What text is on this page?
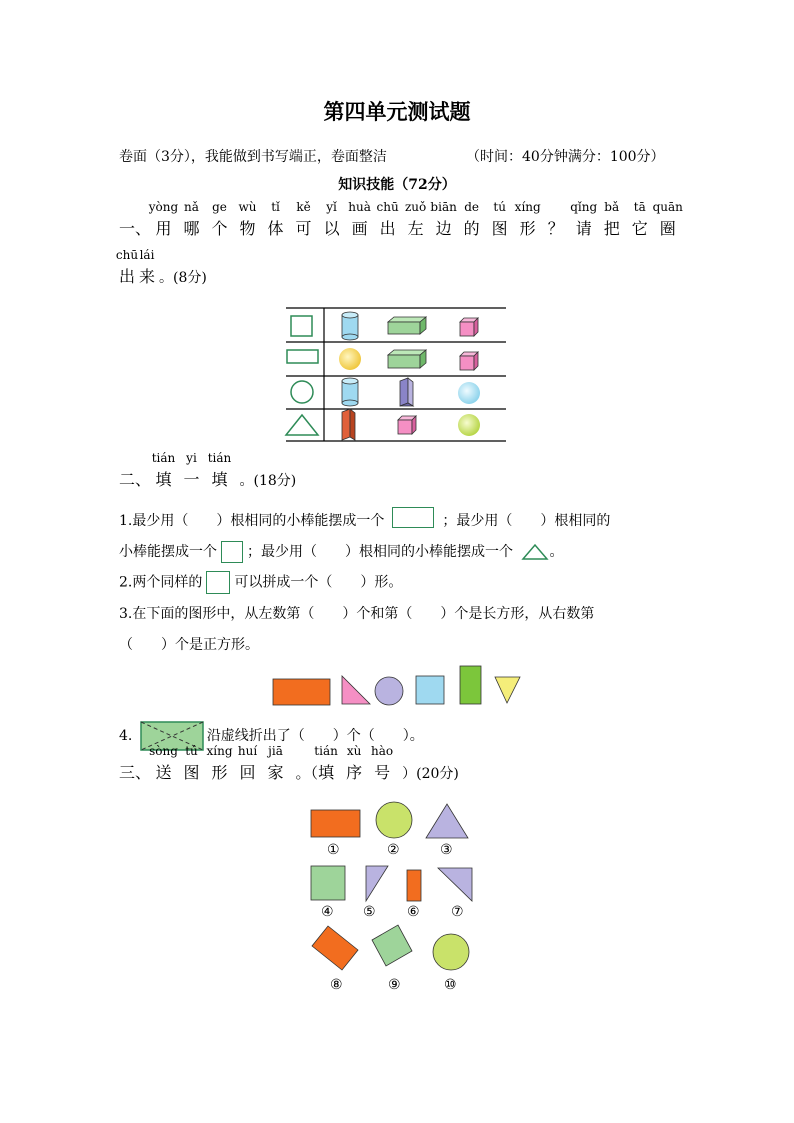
第四单元测试题
卷面（3分），我能做到书写端正，卷面整洁	（时间：40分钟满分：100分）
知识技能（72分）
一、
yòng
用
nǎ
哪
ge
个
wù
物
tǐ
体
kě
可
yǐ
以
huà
画
chū
出
zuǒ
左
biān
边
de
的
tú
图
xíng
形 ？
qǐng
请
bǎ
把
tā
它
quān
圈
chū
出
lái
来 。(8分)
二、
tián
填
yi
一
tián
填 。(18分)
1.最少用（　　）根相同的小棒能摆成一个	；最少用（　　）根相同的
小棒能摆成一个 ；最少用（　　）根相同的小棒能摆成一个	。
2.两个同样的 可以拼成一个（　　）形。
3.在下面的图形中，从左数第（　　）个和第（　　）个是长方形，从右数第
（　　）个是正方形。
4.	沿虚线折出了（　　）个（　　）。
三、
sòng
送
tú
图
xíng
形
huí
回
jiā
家 。（
tián
填
xù
序
hào
号 ）(20分)
①	②	③
④ ⑤ ⑥ ⑦
⑧	⑨	⑩
